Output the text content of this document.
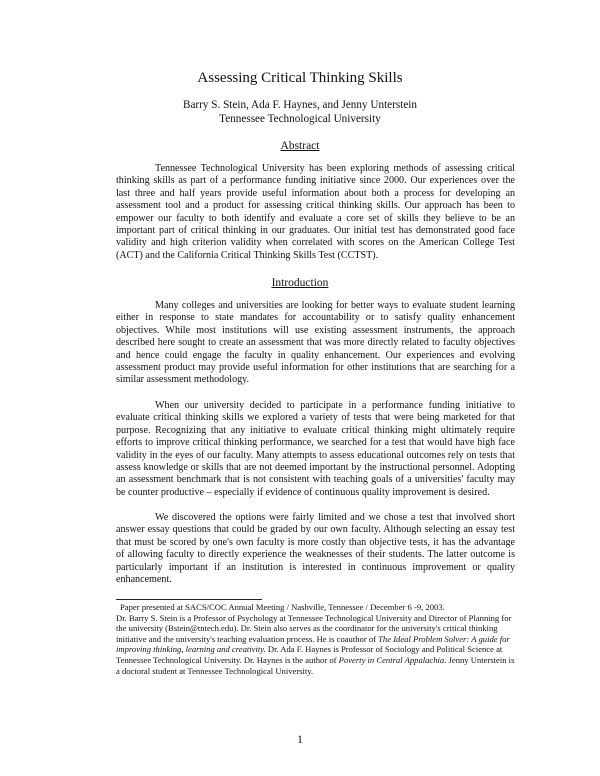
Assessing Critical Thinking Skills
Barry S. Stein, Ada F. Haynes, and Jenny Unterstein
Tennessee Technological University
Abstract

Tennessee Technological University has been exploring methods of assessing critical thinking skills as part of a performance funding initiative since 2000. Our experiences over the last three and half years provide useful information about both a process for developing an assessment tool and a product for assessing critical thinking skills. Our approach has been to empower our faculty to both identify and evaluate a core set of skills they believe to be an important part of critical thinking in our graduates. Our initial test has demonstrated good face validity and high criterion validity when correlated with scores on the American College Test (ACT) and the California Critical Thinking Skills Test (CCTST).

Introduction

Many colleges and universities are looking for better ways to evaluate student learning either in response to state mandates for accountability or to satisfy quality enhancement objectives. While most institutions will use existing assessment instruments, the approach described here sought to create an assessment that was more directly related to faculty objectives and hence could engage the faculty in quality enhancement. Our experiences and evolving assessment product may provide useful information for other institutions that are searching for a similar assessment methodology.

When our university decided to participate in a performance funding initiative to evaluate critical thinking skills we explored a variety of tests that were being marketed for that purpose. Recognizing that any initiative to evaluate critical thinking might ultimately require efforts to improve critical thinking performance, we searched for a test that would have high face validity in the eyes of our faculty. Many attempts to assess educational outcomes rely on tests that assess knowledge or skills that are not deemed important by the instructional personnel. Adopting an assessment benchmark that is not consistent with teaching goals of a universities' faculty may be counter productive – especially if evidence of continuous quality improvement is desired.

We discovered the options were fairly limited and we chose a test that involved short answer essay questions that could be graded by our own faculty. Although selecting an essay test that must be scored by one's own faculty is more costly than objective tests, it has the advantage of allowing faculty to directly experience the weaknesses of their students. The latter outcome is particularly important if an institution is interested in continuous improvement or quality enhancement.

Paper presented at SACS/COC Annual Meeting / Nashville, Tennessee / December 6 -9, 2003.
Dr. Barry S. Stein is a Professor of Psychology at Tennessee Technological University and Director of Planning for the university (Bstein@tntech.edu). Dr. Stein also serves as the coordinator for the university's critical thinking initiative and the university's teaching evaluation process. He is coauthor of The Ideal Problem Solver: A guide for improving thinking, learning and creativity. Dr. Ada F. Haynes is Professor of Sociology and Political Science at Tennessee Technological University. Dr. Haynes is the author of Poverty in Central Appalachia. Jenny Unterstein is a doctoral student at Tennessee Technological University.
1
